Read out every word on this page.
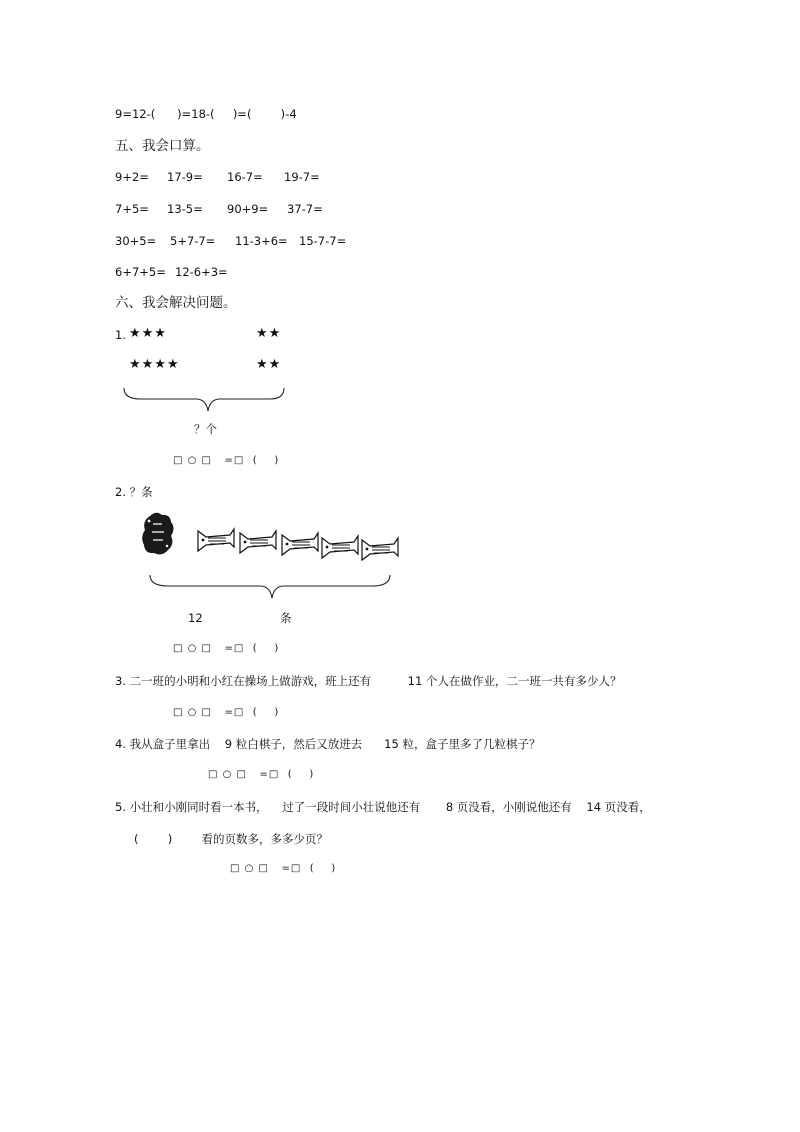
9=12-(      )=18-(     )=(        )-4
五、我会口算。
9+2= 17-9= 16-7= 19-7=
7+5= 13-5= 90+9= 37-7=
30+5= 5+7-7= 11-3+6= 15-7-7=
6+7+5= 12-6+3=
六、我会解决问题。
1. ★★★	★★
★★★★	★★
？个
□ ○ □   =□  (    )
2. ？条
12	条
□ ○ □   =□  (    )
3. 二一班的小明和小红在操场上做游戏，班上还有          11 个人在做作业，二一班一共有多少人？
□ ○ □   =□  (    )
4. 我从盒子里拿出    9 粒白棋子，然后又放进去      15 粒，盒子里多了几粒棋子？
□ ○ □   =□  (    )
5. 小壮和小刚同时看一本书，    过了一段时间小壮说他还有       8 页没看，小刚说他还有    14 页没看，
(        )        看的页数多，多多少页？
□ ○ □   =□  (    )
